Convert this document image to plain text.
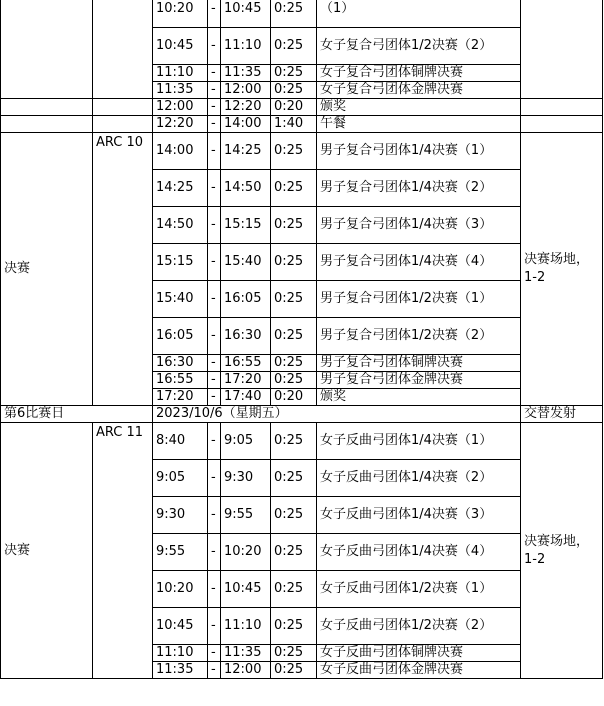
		10:20	-	10:45	0:25	（1）	
		10:45	-	11:10	0:25	女子复合弓团体1/2决赛（2）	
		11:10	-	11:35	0:25	女子复合弓团体铜牌决赛	
		11:35	-	12:00	0:25	女子复合弓团体金牌决赛	
		12:00	-	12:20	0:20	颁奖	
		12:20	-	14:00	1:40	午餐	
决赛	ARC 10	14:00	-	14:25	0:25	男子复合弓团体1/4决赛（1）	决赛场地，1-2
		14:25	-	14:50	0:25	男子复合弓团体1/4决赛（2）	
		14:50	-	15:15	0:25	男子复合弓团体1/4决赛（3）	
		15:15	-	15:40	0:25	男子复合弓团体1/4决赛（4）	
		15:40	-	16:05	0:25	男子复合弓团体1/2决赛（1）	
		16:05	-	16:30	0:25	男子复合弓团体1/2决赛（2）	
		16:30	-	16:55	0:25	男子复合弓团体铜牌决赛	
		16:55	-	17:20	0:25	男子复合弓团体金牌决赛	
		17:20	-	17:40	0:20	颁奖	
第6比赛日		2023/10/6（星期五）					交替发射
决赛	ARC 11	8:40	-	9:05	0:25	女子反曲弓团体1/4决赛（1）	决赛场地，1-2
		9:05	-	9:30	0:25	女子反曲弓团体1/4决赛（2）	
		9:30	-	9:55	0:25	女子反曲弓团体1/4决赛（3）	
		9:55	-	10:20	0:25	女子反曲弓团体1/4决赛（4）	
		10:20	-	10:45	0:25	女子反曲弓团体1/2决赛（1）	
		10:45	-	11:10	0:25	女子反曲弓团体1/2决赛（2）	
		11:10	-	11:35	0:25	女子反曲弓团体铜牌决赛	
		11:35	-	12:00	0:25	女子反曲弓团体金牌决赛	
